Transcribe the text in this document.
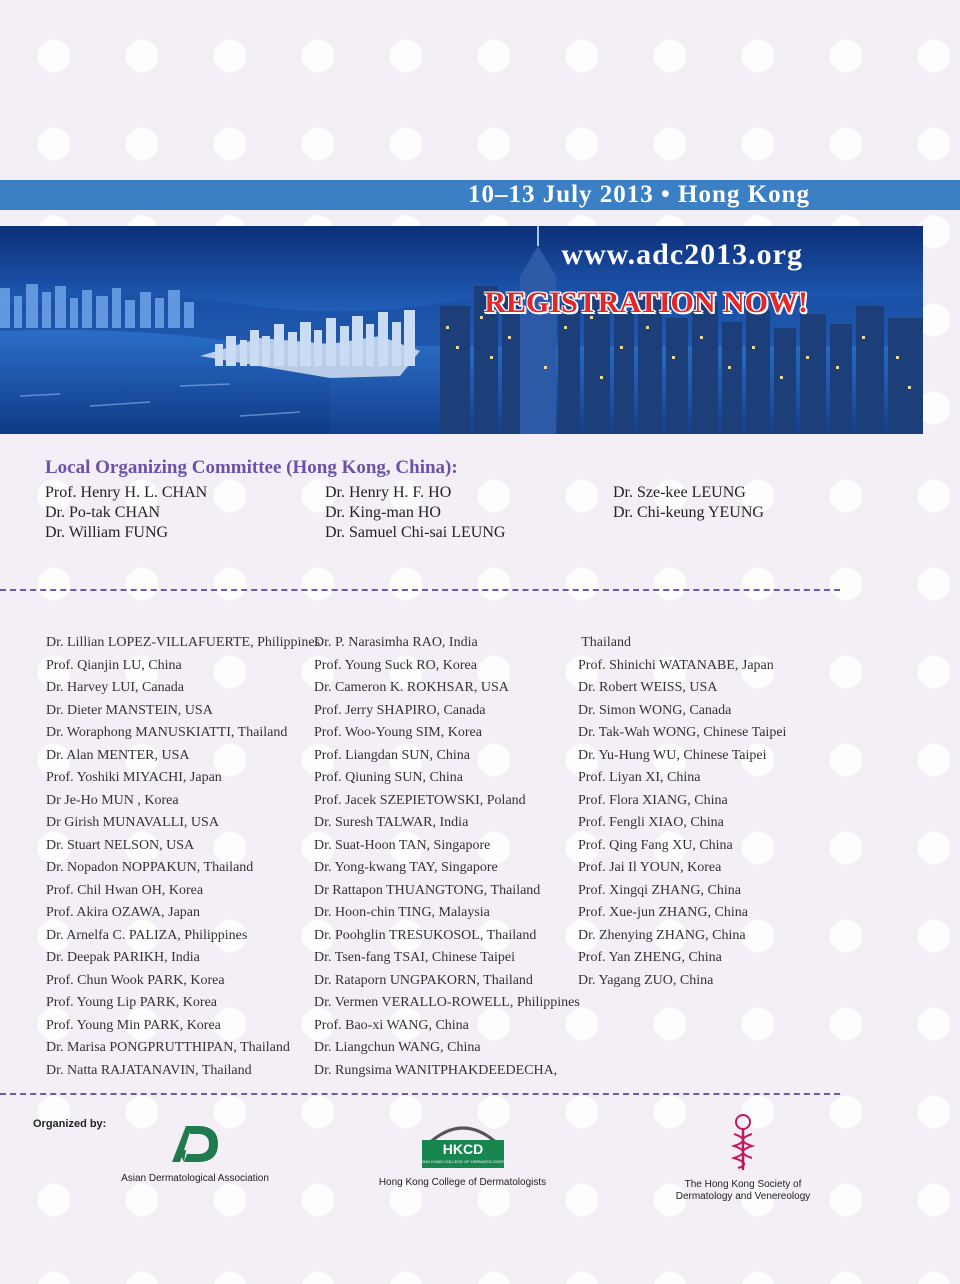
10–13 July 2013 • Hong Kong
www.adc2013.org
REGISTRATION NOW!
Local Organizing Committee (Hong Kong, China):
Prof. Henry H. L. CHAN
Dr. Po-tak CHAN
Dr. William FUNG
Dr. Henry H. F. HO
Dr. King-man HO
Dr. Samuel Chi-sai LEUNG
Dr. Sze-kee LEUNG
Dr. Chi-keung YEUNG
Dr. Lillian LOPEZ-VILLAFUERTE, Philippines
Prof. Qianjin LU, China
Dr. Harvey LUI, Canada
Dr. Dieter MANSTEIN, USA
Dr. Woraphong MANUSKIATTI, Thailand
Dr. Alan MENTER, USA
Prof. Yoshiki MIYACHI, Japan
Dr Je-Ho MUN , Korea
Dr Girish MUNAVALLI, USA
Dr. Stuart NELSON, USA
Dr. Nopadon NOPPAKUN, Thailand
Prof. Chil Hwan OH, Korea
Prof. Akira OZAWA, Japan
Dr. Arnelfa C. PALIZA, Philippines
Dr. Deepak PARIKH, India
Prof. Chun Wook PARK, Korea
Prof. Young Lip PARK, Korea
Prof. Young Min PARK, Korea
Dr. Marisa PONGPRUTTHIPAN, Thailand
Dr. Natta RAJATANAVIN, Thailand
Dr. P. Narasimha RAO, India
Prof. Young Suck RO, Korea
Dr. Cameron K. ROKHSAR, USA
Prof. Jerry SHAPIRO, Canada
Prof. Woo-Young SIM, Korea
Prof. Liangdan SUN, China
Prof. Qiuning SUN, China
Prof. Jacek SZEPIETOWSKI, Poland
Dr. Suresh TALWAR, India
Dr. Suat-Hoon TAN, Singapore
Dr. Yong-kwang TAY, Singapore
Dr Rattapon THUANGTONG, Thailand
Dr. Hoon-chin TING, Malaysia
Dr. Poohglin TRESUKOSOL, Thailand
Dr. Tsen-fang TSAI, Chinese Taipei
Dr. Rataporn UNGPAKORN, Thailand
Dr. Vermen VERALLO-ROWELL, Philippines
Prof. Bao-xi WANG, China
Dr. Liangchun WANG, China
Dr. Rungsima WANITPHAKDEEDECHA,
Thailand
Prof. Shinichi WATANABE, Japan
Dr. Robert WEISS, USA
Dr. Simon WONG, Canada
Dr. Tak-Wah WONG, Chinese Taipei
Dr. Yu-Hung WU, Chinese Taipei
Prof. Liyan XI, China
Prof. Flora XIANG, China
Prof. Fengli XIAO, China
Prof. Qing Fang XU, China
Prof. Jai Il YOUN, Korea
Prof. Xingqi ZHANG, China
Prof. Xue-jun ZHANG, China
Dr. Zhenying ZHANG, China
Prof. Yan ZHENG, China
Dr. Yagang ZUO, China
Organized by:
Asian Dermatological Association
HKCD
HONG KONG COLLEGE OF DERMATOLOGISTS
Hong Kong College of Dermatologists	The Hong Kong Society of
Dermatology and Venereology
